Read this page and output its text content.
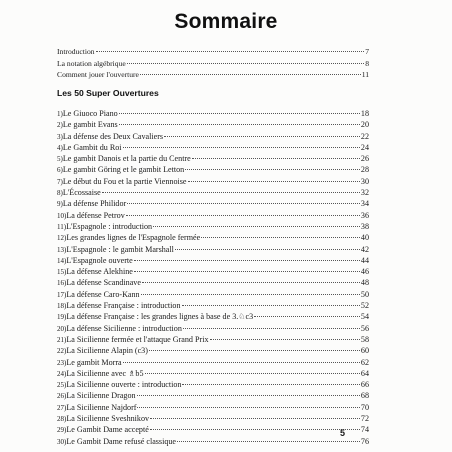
Sommaire
Introduction	7
La notation algébrique	8
Comment jouer l'ouverture	11
Les 50 Super Ouvertures
1)Le Giuoco Piano	18
2)Le gambit Evans	20
3)La défense des Deux Cavaliers	22
4)Le Gambit du Roi	24
5)Le gambit Danois et la partie du Centre	26
6)Le gambit Göring et le gambit Letton	28
7)Le début du Fou et la partie Viennoise	30
8)L'Écossaise	32
9)La défense Philidor	34
10)La défense Petrov	36
11)L'Espagnole : introduction	38
12)Les grandes lignes de l'Espagnole fermée	40
13)L'Espagnole : le gambit Marshall	42
14)L'Espagnole ouverte	44
15)La défense Alekhine	46
16)La défense Scandinave	48
17)La défense Caro-Kann	50
18)La défense Française : introduction	52
19)La défense Française : les grandes lignes à base de 3.♘c3	54
20)La défense Sicilienne : introduction	56
21)La Sicilienne fermée et l'attaque Grand Prix	58
22)La Sicilienne Alapin (c3)	60
23)Le gambit Morra	62
24)La Sicilienne avec ♗b5	64
25)La Sicilienne ouverte : introduction	66
26)La Sicilienne Dragon	68
27)La Sicilienne Najdorf	70
28)La Sicilienne Sveshnikov	72
29)Le Gambit Dame accepté	74
30)Le Gambit Dame refusé classique	76
5
